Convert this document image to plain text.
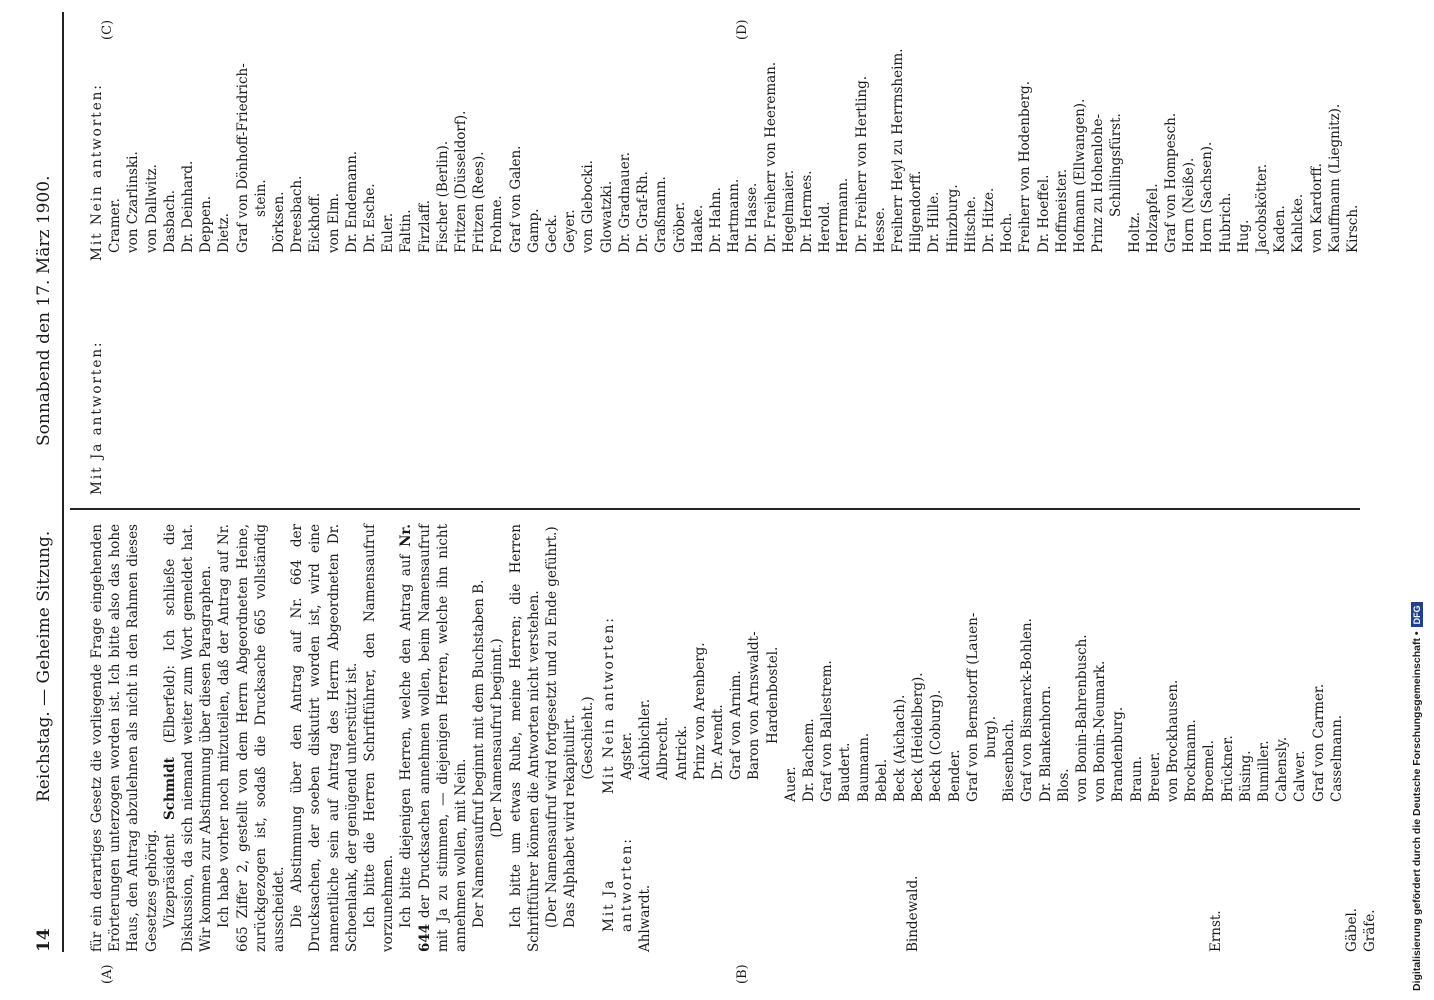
14
Reichstag. — Geheime Sitzung.
Sonnabend den 17. März 1900.
(A)	(B)
(C)	(D)

für ein derartiges Gesetz die vorliegende Frage eingehenden Erörterungen unterzogen worden ist. Ich bitte also das hohe Haus, den Antrag abzulehnen als nicht in den Rahmen dieses Gesetzes gehörig. Vizepräsident Schmidt (Elberfeld): Ich schließe die Diskussion, da sich niemand weiter zum Wort gemeldet hat. Wir kommen zur Abstimmung über diesen Paragraphen. Ich habe vorher noch mitzuteilen, daß der Antrag auf Nr. 665 Ziffer 2, gestellt von dem Herrn Abgeordneten Heine, zurückgezogen ist, sodaß die Drucksache 665 vollständig ausscheidet. Die Abstimmung über den Antrag auf Nr. 664 der Drucksachen, der soeben diskutirt worden ist, wird eine namentliche sein auf Antrag des Herrn Abgeordneten Dr. Schoenlank, der genügend unterstützt ist. Ich bitte die Herren Schriftführer, den Namensaufruf vorzunehmen. Ich bitte diejenigen Herren, welche den Antrag auf Nr. 644 der Drucksachen annehmen wollen, beim Namensaufruf mit Ja zu stimmen, — diejenigen Herren, welche ihn nicht annehmen wollen, mit Nein. Der Namensaufruf beginnt mit dem Buchstaben B. (Der Namensaufruf beginnt.) Ich bitte um etwas Ruhe, meine Herren; die Herren Schriftführer können die Antworten nicht verstehen. (Der Namensaufruf wird fortgesetzt und zu Ende geführt.) Das Alphabet wird rekapitulirt. (Geschieht.)

Mit Ja antworten: Ahlwardt.	Bindewald.	Ernst.	Gäbel. Gräfe.
Mit Nein antworten: Agster. Aichbichler. Albrecht. Antrick. Prinz von Arenberg. Dr. Arendt. Graf von Arnim. Baron von Arnswaldt- Hardenbostel.
Auer. Dr. Bachem. Graf von Ballestrem. Baudert. Baumann. Bebel. Beck (Aichach). Beck (Heidelberg). Beckh (Coburg). Bender. Graf von Bernstorff (Lauen- burg). Biesenbach. Graf von Bismarck-Bohlen. Dr. Blankenhorn. Blos. von Bonin-Bahrenbusch. von Bonin-Neumark. Brandenburg. Braun. Breuer. von Brockhausen. Brockmann. Broemel. Brückner. Büsing. Bumiller. Cahensly. Calwer. Graf von Carmer. Casselmann.
Mit Ja antworten:
Mit Nein antworten: Cramer. von Czarlinski. von Dallwitz. Dasbach. Dr. Deinhard. Deppen. Dietz. Graf von Dönhoff-Friedrich- stein. Dörksen. Dreesbach. Eickhoff. von Elm. Dr. Endemann. Dr. Esche. Euler. Faltin. Firzlaff. Fischer (Berlin). Fritzen (Düsseldorf). Fritzen (Rees). Frohme. Graf von Galen. Gamp. Geck. Geyer. von Glebocki. Glowatzki. Dr. Gradnauer. Dr. Graf-Rh. Graßmann. Gröber. Haake. Dr. Hahn. Hartmann. Dr. Hasse. Dr. Freiherr von Heereman. Hegelmaier. Dr. Hermes. Herold. Herrmann. Dr. Freiherr von Hertling. Hesse. Freiherr Heyl zu Herrnsheim. Hilgendorff. Dr. Hille. Hinzburg. Hitsche. Dr. Hitze. Hoch. Freiherr von Hodenberg. Dr. Hoeffel. Hoffmeister. Hofmann (Ellwangen). Prinz zu Hohenlohe- Schillingsfürst.
Holtz. Holzapfel. Graf von Hompesch. Horn (Neiße). Horn (Sachsen). Hubrich. Hug. Jacobskötter. Kaden. Kahlcke. von Kardorff. Kauffmann (Liegnitz). Kirsch.
Digitalisierung gefördert durch die Deutsche Forschungsgemeinschaft •DFG
